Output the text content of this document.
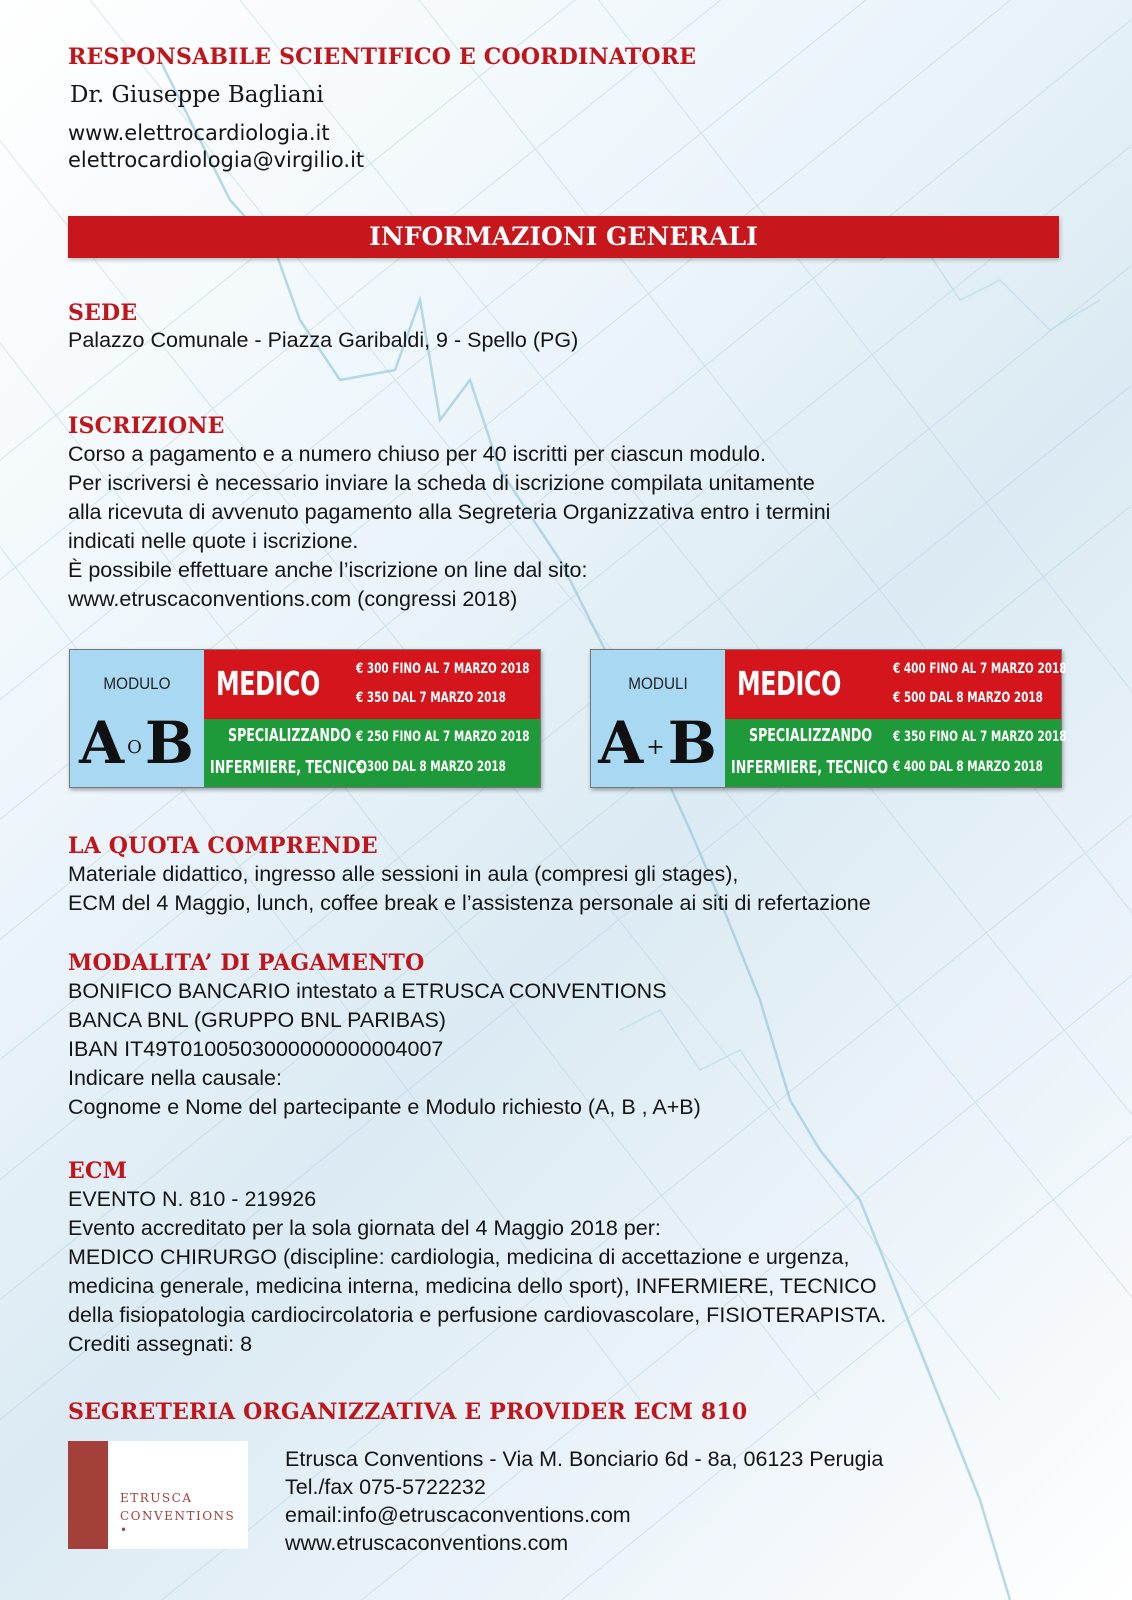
RESPONSABILE SCIENTIFICO E COORDINATORE
Dr. Giuseppe Bagliani
www.elettrocardiologia.it
elettrocardiologia@virgilio.it
INFORMAZIONI GENERALI
SEDE
Palazzo Comunale - Piazza Garibaldi, 9 - Spello (PG)
ISCRIZIONE
Corso a pagamento e a numero chiuso per 40 iscritti per ciascun modulo.
Per iscriversi è necessario inviare la scheda di iscrizione compilata unitamente
alla ricevuta di avvenuto pagamento alla Segreteria Organizzativa entro i termini
indicati nelle quote i iscrizione.
È possibile effettuare anche l’iscrizione on line dal sito:
www.etruscaconventions.com (congressi 2018)
MODULO
A OB
MEDICO € 300 FINO AL 7 MARZO 2018
€ 350 DAL 7 MARZO 2018
SPECIALIZZANDO
INFERMIERE, TECNICO
€ 250 FINO AL 7 MARZO 2018
€ 300 DAL 8 MARZO 2018
MODULI
A+B
MEDICO	€ 400 FINO AL 7 MARZO 2018
€ 500 DAL 8 MARZO 2018
SPECIALIZZANDO
INFERMIERE, TECNICO
€ 350 FINO AL 7 MARZO 2018
€ 400 DAL 8 MARZO 2018
LA QUOTA COMPRENDE
Materiale didattico, ingresso alle sessioni in aula (compresi gli stages),
ECM del 4 Maggio, lunch, coffee break e l’assistenza personale ai siti di refertazione
MODALITA’ DI PAGAMENTO
BONIFICO BANCARIO intestato a ETRUSCA CONVENTIONS
BANCA BNL (GRUPPO BNL PARIBAS)
IBAN IT49T0100503000000000004007
Indicare nella causale:
Cognome e Nome del partecipante e Modulo richiesto (A, B , A+B)
ECM
EVENTO N. 810 - 219926
Evento accreditato per la sola giornata del 4 Maggio 2018 per:
MEDICO CHIRURGO (discipline: cardiologia, medicina di accettazione e urgenza,
medicina generale, medicina interna, medicina dello sport), INFERMIERE, TECNICO
della fisiopatologia cardiocircolatoria e perfusione cardiovascolare, FISIOTERAPISTA.
Crediti assegnati: 8
SEGRETERIA ORGANIZZATIVA E PROVIDER ECM 810
ETRUSCA
CONVENTIONS •
Etrusca Conventions - Via M. Bonciario 6d - 8a, 06123 Perugia
Tel./fax 075-5722232
email:info@etruscaconventions.com
www.etruscaconventions.com
